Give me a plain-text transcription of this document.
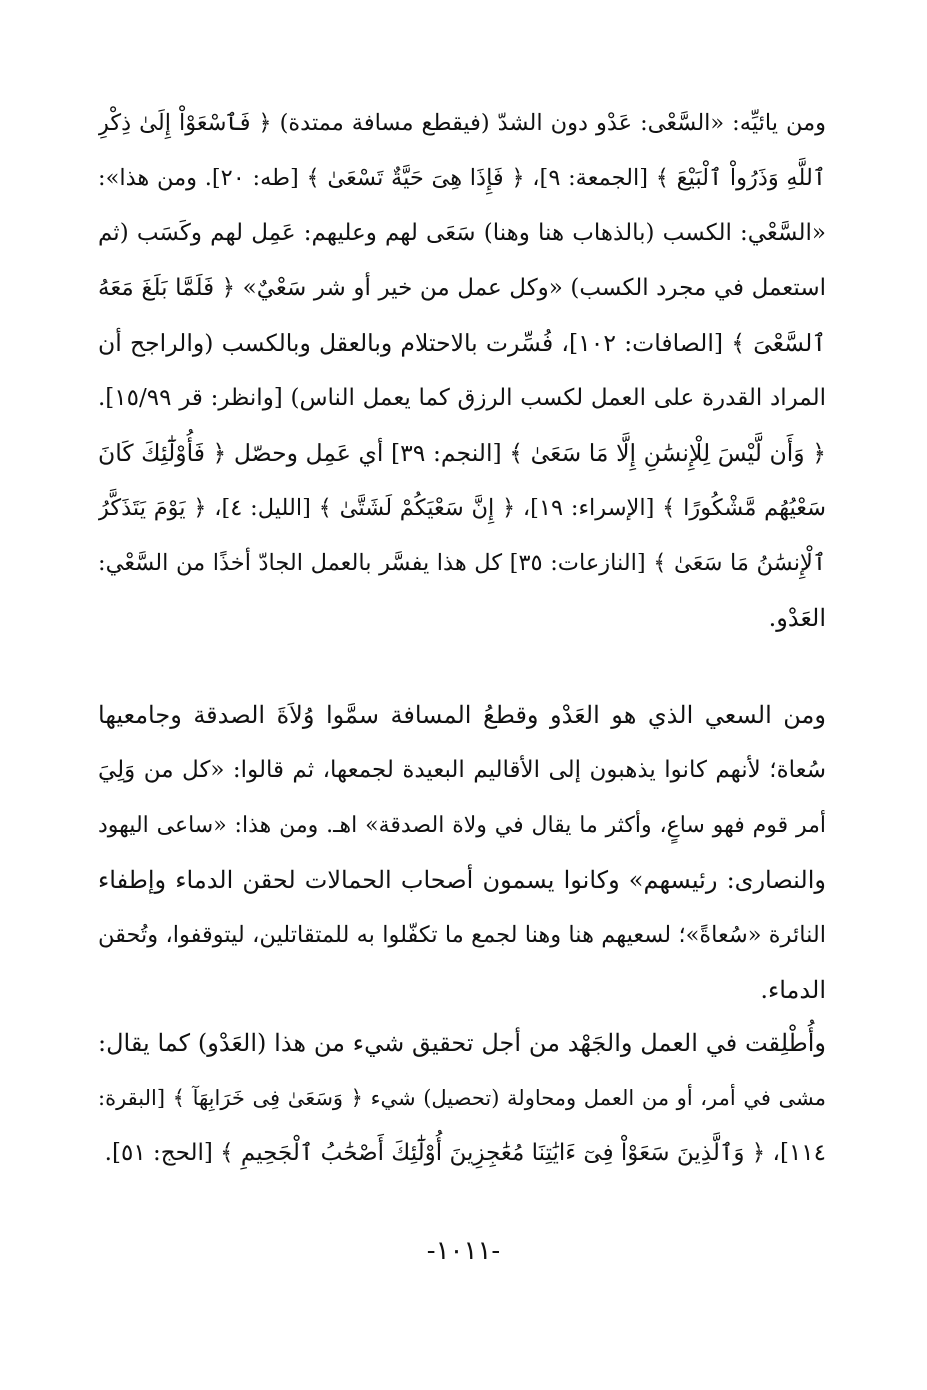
ومن يائيِّه: «السَّعْى: عَدْو دون الشدّ (فيقطع مسافة ممتدة) ﴿ فَٱسْعَوْاْ إِلَىٰ ذِكْرِ
ٱللَّهِ وَذَرُواْ ٱلْبَيْعَ ﴾ [الجمعة: ٩]، ﴿ فَإِذَا هِىَ حَيَّةٌ تَسْعَىٰ ﴾ [طه: ٢٠]. ومن هذا»:
«السَّعْي: الكسب (بالذهاب هنا وهنا) سَعَى لهم وعليهم: عَمِل لهم وكَسَب (ثم
استعمل في مجرد الكسب) «وكل عمل من خير أو شر سَعْيٌ» ﴿ فَلَمَّا بَلَغَ مَعَهُ
ٱلسَّعْىَ ﴾ [الصافات: ١٠٢]، فُسِّرت بالاحتلام وبالعقل وبالكسب (والراجح أن
المراد القدرة على العمل لكسب الرزق كما يعمل الناس) [وانظر: قر ١٥/٩٩].
﴿ وَأَن لَّيْسَ لِلْإِنسَٰنِ إِلَّا مَا سَعَىٰ ﴾ [النجم: ٣٩] أي عَمِل وحصّل ﴿ فَأُوْلَٰٓئِكَ كَانَ
سَعْيُهُم مَّشْكُورًا ﴾ [الإسراء: ١٩]، ﴿ إِنَّ سَعْيَكُمْ لَشَتَّىٰ ﴾ [الليل: ٤]، ﴿ يَوْمَ يَتَذَكَّرُ
ٱلْإِنسَٰنُ مَا سَعَىٰ ﴾ [النازعات: ٣٥] كل هذا يفسَّر بالعمل الجادّ أخذًا من السَّعْي:
العَدْو.
ومن السعي الذي هو العَدْو وقطعُ المسافة سمَّوا وُلاَةَ الصدقة وجامعيها
سُعاة؛ لأنهم كانوا يذهبون إلى الأقاليم البعيدة لجمعها، ثم قالوا: «كل من وَلِيَ
أمر قوم فهو ساعٍ، وأكثر ما يقال في ولاة الصدقة» اهـ. ومن هذا: «ساعى اليهود
والنصارى: رئيسهم» وكانوا يسمون أصحاب الحمالات لحقن الدماء وإطفاء
النائرة «سُعاةً»؛ لسعيهم هنا وهنا لجمع ما تكفّلوا به للمتقاتلين، ليتوقفوا، وتُحقن
الدماء.
وأُطْلِقت في العمل والجَهْد من أجل تحقيق شيء من هذا (العَدْو) كما يقال:
مشى في أمر، أو من العمل ومحاولة (تحصيل) شيء ﴿ وَسَعَىٰ فِى خَرَابِهَآ ﴾ [البقرة:
١١٤]، ﴿ وَٱلَّذِينَ سَعَوْاْ فِىٓ ءَايَٰتِنَا مُعَٰجِزِينَ أُوْلَٰٓئِكَ أَصْحَٰبُ ٱلْجَحِيمِ ﴾ [الحج: ٥١].
-١٠١١-
